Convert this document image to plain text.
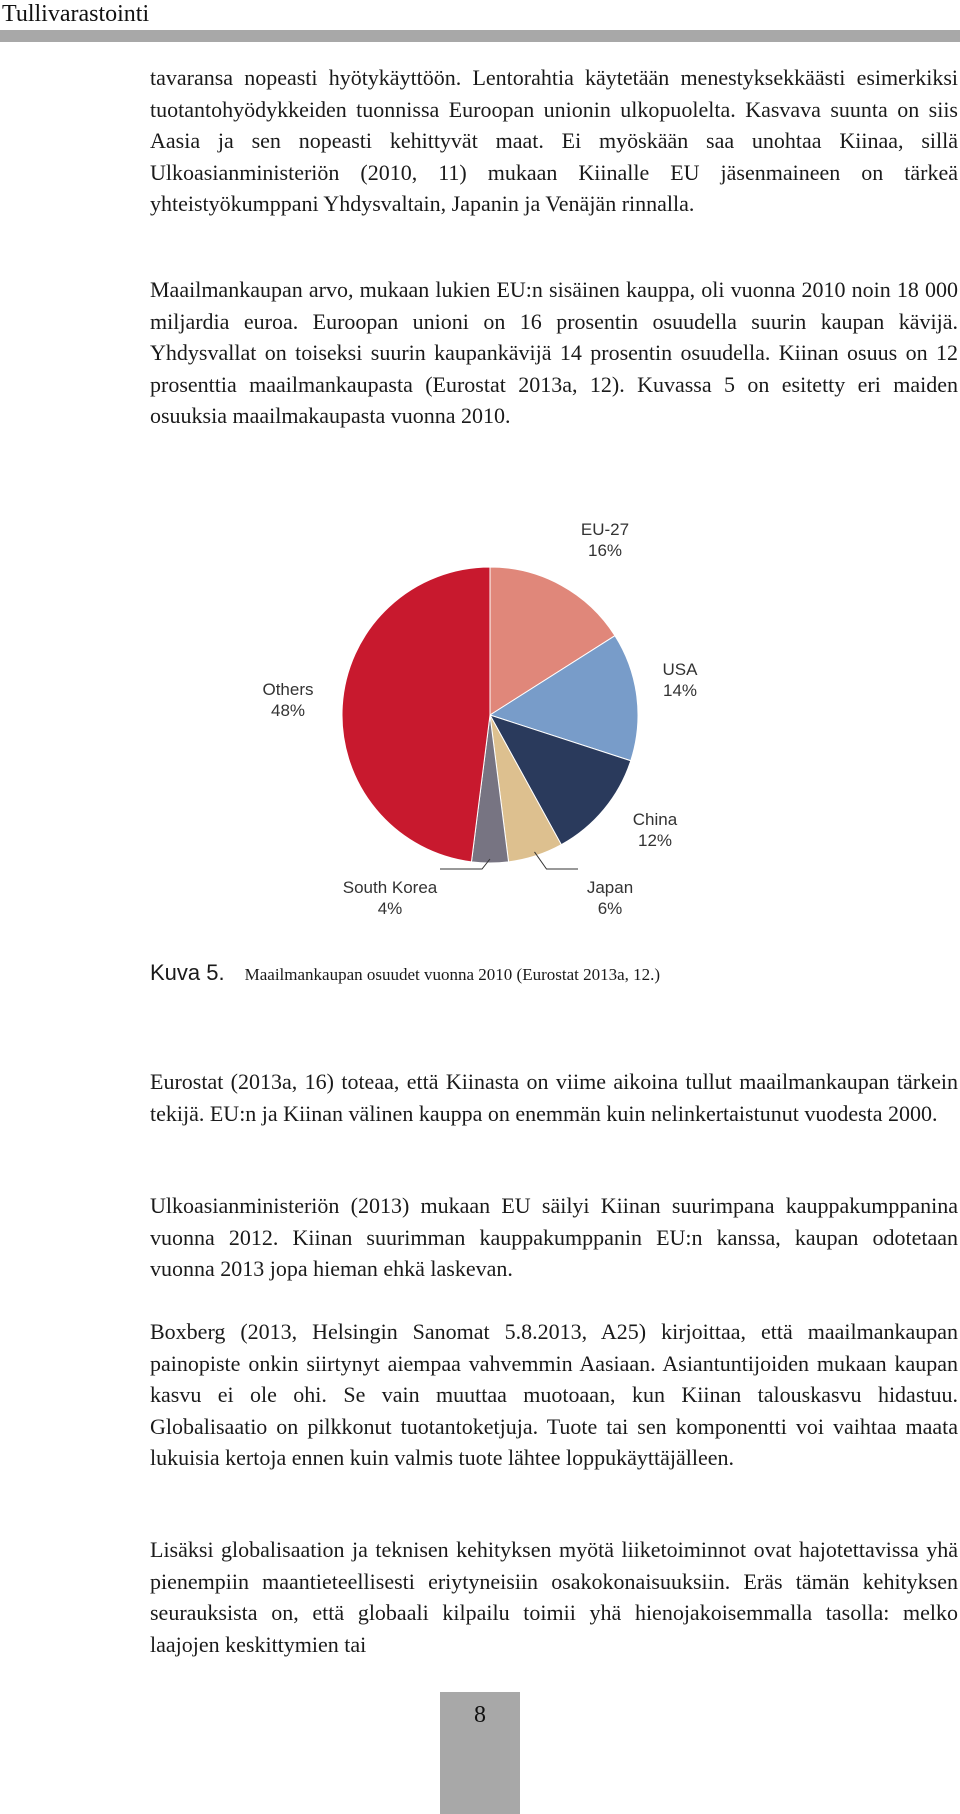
Tullivarastointi

tavaransa nopeasti hyötykäyttöön. Lentorahtia käytetään menestyksekkäästi esimerkiksi tuotantohyödykkeiden tuonnissa Euroopan unionin ulkopuolelta. Kasvava suunta on siis Aasia ja sen nopeasti kehittyvät maat. Ei myöskään saa unohtaa Kiinaa, sillä Ulkoasianministeriön (2010, 11) mukaan Kiinalle EU jäsenmaineen on tärkeä yhteistyökumppani Yhdysvaltain, Japanin ja Venäjän rinnalla.

Maailmankaupan arvo, mukaan lukien EU:n sisäinen kauppa, oli vuonna 2010 noin 18 000 miljardia euroa. Euroopan unioni on 16 prosentin osuudella suurin kaupan kävijä. Yhdysvallat on toiseksi suurin kaupankävijä 14 prosentin osuudella. Kiinan osuus on 12 prosenttia maailmankaupasta (Eurostat 2013a, 12). Kuvassa 5 on esitetty eri maiden osuuksia maailmakaupasta vuonna 2010.

EU-27
16%
USA
14%
China
12%
Japan
6%
South Korea
4%
Others
48%
Kuva 5. Maailmankaupan osuudet vuonna 2010 (Eurostat 2013a, 12.)

Eurostat (2013a, 16) toteaa, että Kiinasta on viime aikoina tullut maailmankaupan tärkein tekijä. EU:n ja Kiinan välinen kauppa on enemmän kuin nelinkertaistunut vuodesta 2000.

Ulkoasianministeriön (2013) mukaan EU säilyi Kiinan suurimpana kauppakumppanina vuonna 2012. Kiinan suurimman kauppakumppanin EU:n kanssa, kaupan odotetaan vuonna 2013 jopa hieman ehkä laskevan.

Boxberg (2013, Helsingin Sanomat 5.8.2013, A25) kirjoittaa, että maailmankaupan painopiste onkin siirtynyt aiempaa vahvemmin Aasiaan. Asiantuntijoiden mukaan kaupan kasvu ei ole ohi. Se vain muuttaa muotoaan, kun Kiinan talouskasvu hidastuu. Globalisaatio on pilkkonut tuotantoketjuja. Tuote tai sen komponentti voi vaihtaa maata lukuisia kertoja ennen kuin valmis tuote lähtee loppukäyttäjälleen.

Lisäksi globalisaation ja teknisen kehityksen myötä liiketoiminnot ovat hajotettavissa yhä pienempiin maantieteellisesti eriytyneisiin osakokonaisuuksiin. Eräs tämän kehityksen seurauksista on, että globaali kilpailu toimii yhä hienojakoisemmalla tasolla: melko laajojen keskittymien tai

8
